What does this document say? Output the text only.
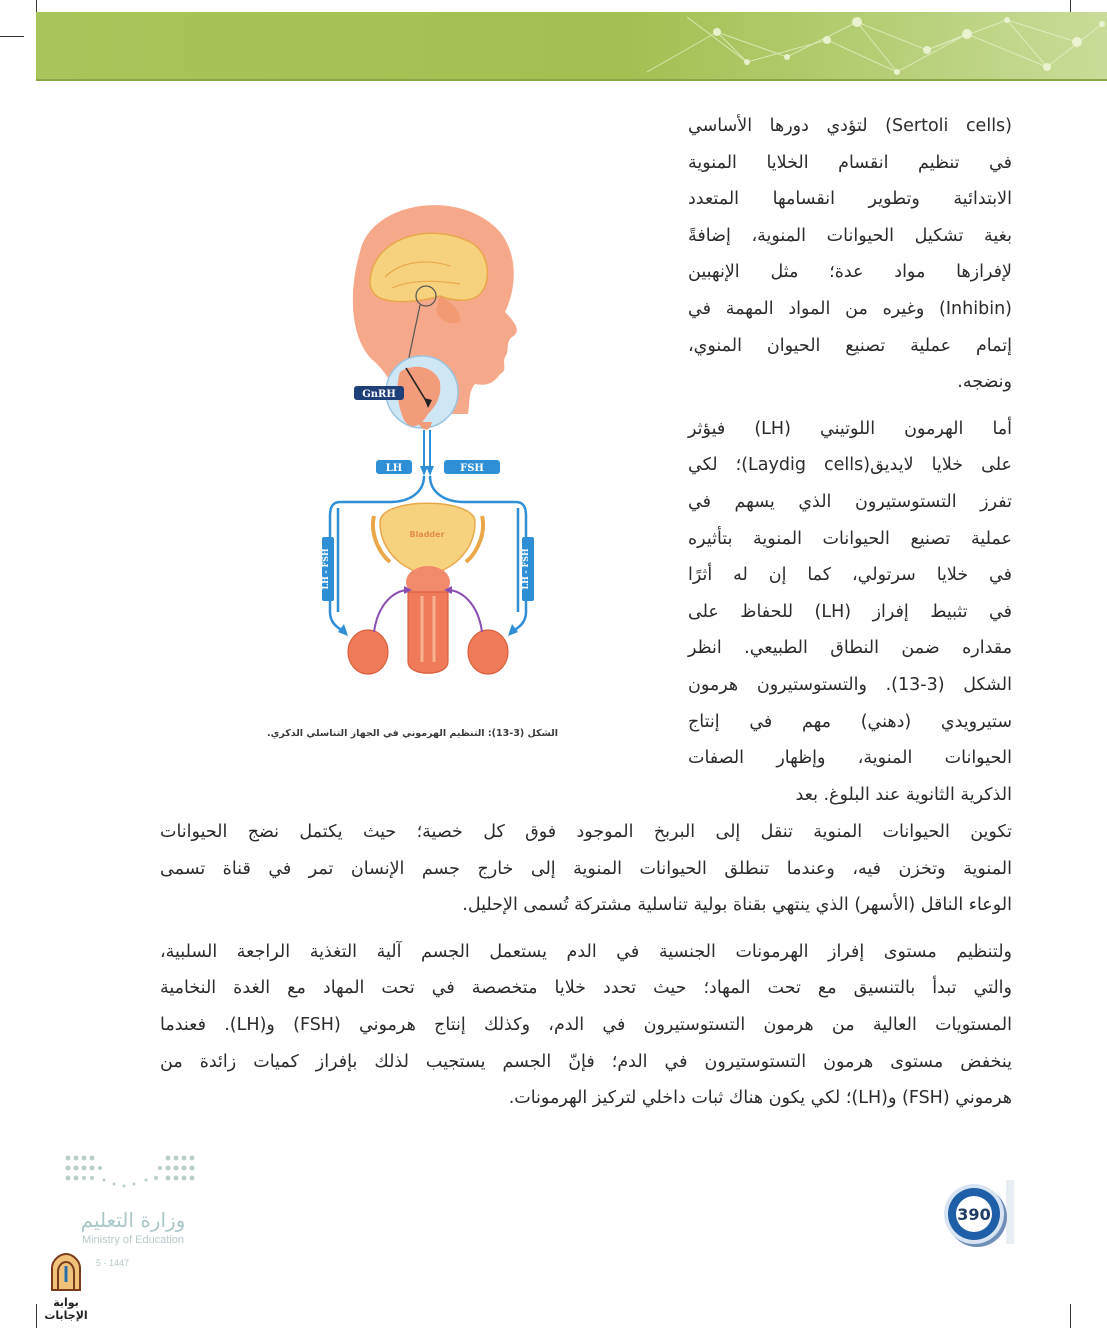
(Sertoli cells) لتؤدي دورها الأساسي

في تنظيم انقسام الخلايا المنوية

الابتدائية وتطوير انقسامها المتعدد

بغية تشكيل الحيوانات المنوية، إضافةً

لإفرازها مواد عدة؛ مثل الإنهبين

(Inhibin) وغيره من المواد المهمة في

إتمام عملية تصنيع الحيوان المنوي،

ونضجه.

أما الهرمون اللوتيني (LH) فيؤثر

على خلايا لايديق(Laydig cells)؛ لكي

تفرز التستوستيرون الذي يسهم في

عملية تصنيع الحيوانات المنوية بتأثيره

في خلايا سرتولي، كما إن له أثرًا

في تثبيط إفراز (LH) للحفاظ على

مقداره ضمن النطاق الطبيعي. انظر

الشكل (3-13). والتستوستيرون هرمون

ستيرويدي (دهني) مهم في إنتاج

الحيوانات المنوية، وإظهار الصفات

الذكرية الثانوية عند البلوغ. بعد

تكوين الحيوانات المنوية تنقل إلى البربخ الموجود فوق كل خصية؛ حيث يكتمل نضج الحيوانات

المنوية وتخزن فيه، وعندما تنطلق الحيوانات المنوية إلى خارج جسم الإنسان تمر في قناة تسمى

الوعاء الناقل (الأسهر) الذي ينتهي بقناة بولية تناسلية مشتركة تُسمى الإحليل.

ولتنظيم مستوى إفراز الهرمونات الجنسية في الدم يستعمل الجسم آلية التغذية الراجعة السلبية،

والتي تبدأ بالتنسيق مع تحت المهاد؛ حيث تحدد خلايا متخصصة في تحت المهاد مع الغدة النخامية

المستويات العالية من هرمون التستوستيرون في الدم، وكذلك إنتاج هرموني (FSH) و(LH). فعندما

ينخفض مستوى هرمون التستوستيرون في الدم؛ فإنّ الجسم يستجيب لذلك بإفراز كميات زائدة من

هرموني (FSH) و(LH)؛ لكي يكون هناك ثبات داخلي لتركيز الهرمونات.

GnRH
LH	FSH
LH - FSH	LH - FSH
Bladder
الشكل (3-13): التنظيم الهرموني في الجهاز التناسلي الذكري.
وزارة التعليم
Ministry of Education
5 - 1447
بوابة الإجابات
390
